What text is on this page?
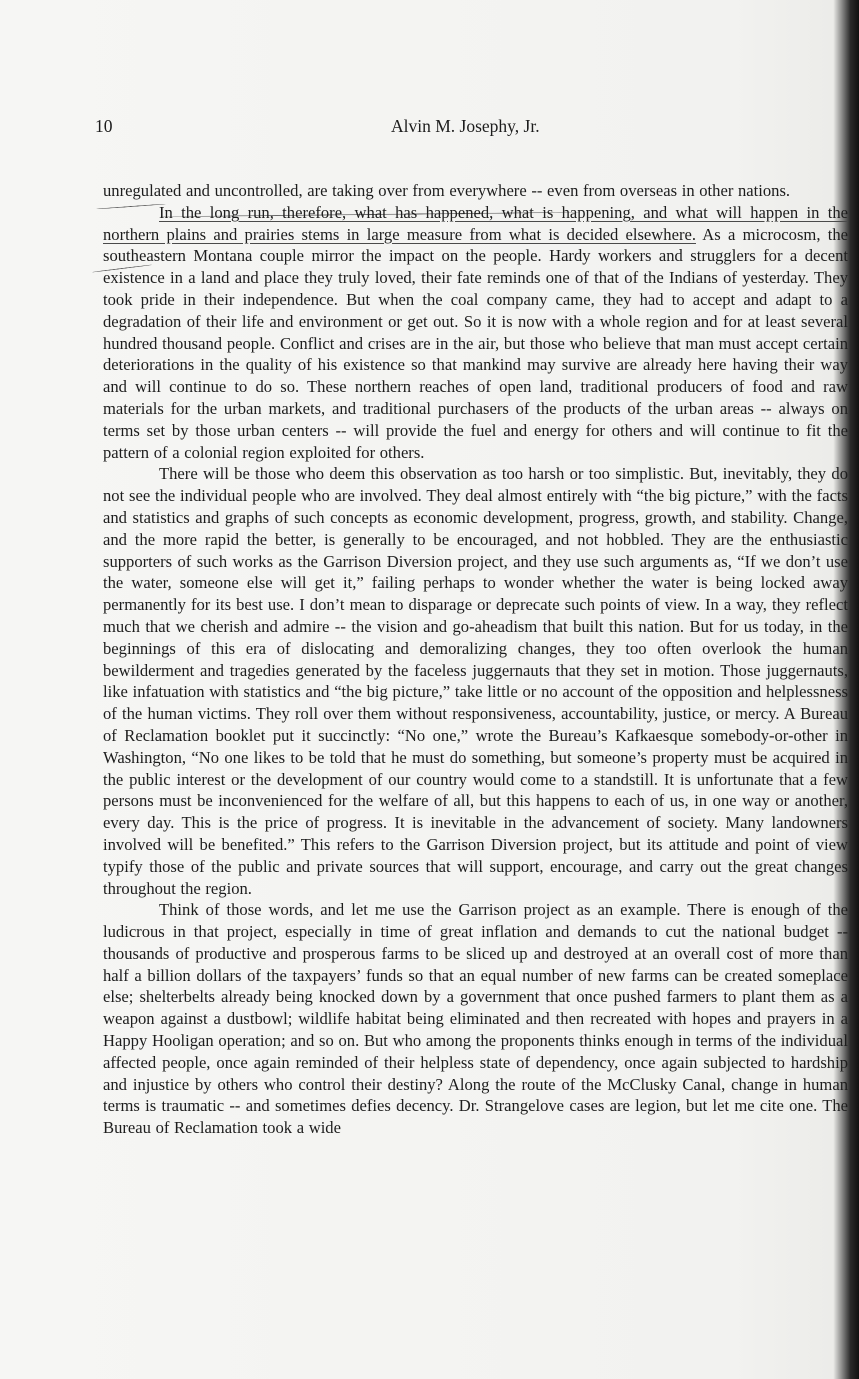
10	Alvin M. Josephy, Jr.

unregulated and uncontrolled, are taking over from everywhere -- even from overseas in other nations.

In the long run, therefore, what has happened, what is happening, and what will happen in the northern plains and prairies stems in large measure from what is decided elsewhere. As a microcosm, the southeastern Montana couple mirror the impact on the people. Hardy workers and strugglers for a decent existence in a land and place they truly loved, their fate reminds one of that of the Indians of yesterday. They took pride in their independence. But when the coal company came, they had to accept and adapt to a degradation of their life and environment or get out. So it is now with a whole region and for at least several hundred thousand people. Conflict and crises are in the air, but those who believe that man must accept certain deteriorations in the quality of his existence so that mankind may survive are already here having their way and will continue to do so. These northern reaches of open land, traditional producers of food and raw materials for the urban markets, and traditional purchasers of the products of the urban areas -- always on terms set by those urban centers -- will provide the fuel and energy for others and will continue to fit the pattern of a colonial region exploited for others.

There will be those who deem this observation as too harsh or too simplistic. But, inevitably, they do not see the individual people who are involved. They deal almost entirely with “the big picture,” with the facts and statistics and graphs of such concepts as economic development, progress, growth, and stability. Change, and the more rapid the better, is generally to be encouraged, and not hobbled. They are the enthusiastic supporters of such works as the Garrison Diversion project, and they use such arguments as, “If we don’t use the water, someone else will get it,” failing perhaps to wonder whether the water is being locked away permanently for its best use. I don’t mean to disparage or deprecate such points of view. In a way, they reflect much that we cherish and admire -- the vision and go-aheadism that built this nation. But for us today, in the beginnings of this era of dislocating and demoralizing changes, they too often overlook the human bewilderment and tragedies generated by the faceless juggernauts that they set in motion. Those juggernauts, like infatuation with statistics and “the big picture,” take little or no account of the opposition and helplessness of the human victims. They roll over them without responsiveness, accountability, justice, or mercy. A Bureau of Reclamation booklet put it succinctly: “No one,” wrote the Bureau’s Kafkaesque somebody-or-other in Washington, “No one likes to be told that he must do something, but someone’s property must be acquired in the public interest or the development of our country would come to a standstill. It is unfortunate that a few persons must be inconvenienced for the welfare of all, but this happens to each of us, in one way or another, every day. This is the price of progress. It is inevitable in the advancement of society. Many landowners involved will be benefited.” This refers to the Garrison Diversion project, but its attitude and point of view typify those of the public and private sources that will support, encourage, and carry out the great changes throughout the region.

Think of those words, and let me use the Garrison project as an example. There is enough of the ludicrous in that project, especially in time of great inflation and demands to cut the national budget -- thousands of productive and prosperous farms to be sliced up and destroyed at an overall cost of more than half a billion dollars of the taxpayers’ funds so that an equal number of new farms can be created someplace else; shelterbelts already being knocked down by a government that once pushed farmers to plant them as a weapon against a dustbowl; wildlife habitat being eliminated and then recreated with hopes and prayers in a Happy Hooligan operation; and so on. But who among the proponents thinks enough in terms of the individual affected people, once again reminded of their helpless state of dependency, once again subjected to hardship and injustice by others who control their destiny? Along the route of the McClusky Canal, change in human terms is traumatic -- and sometimes defies decency. Dr. Strangelove cases are legion, but let me cite one. The Bureau of Reclamation took a wide
